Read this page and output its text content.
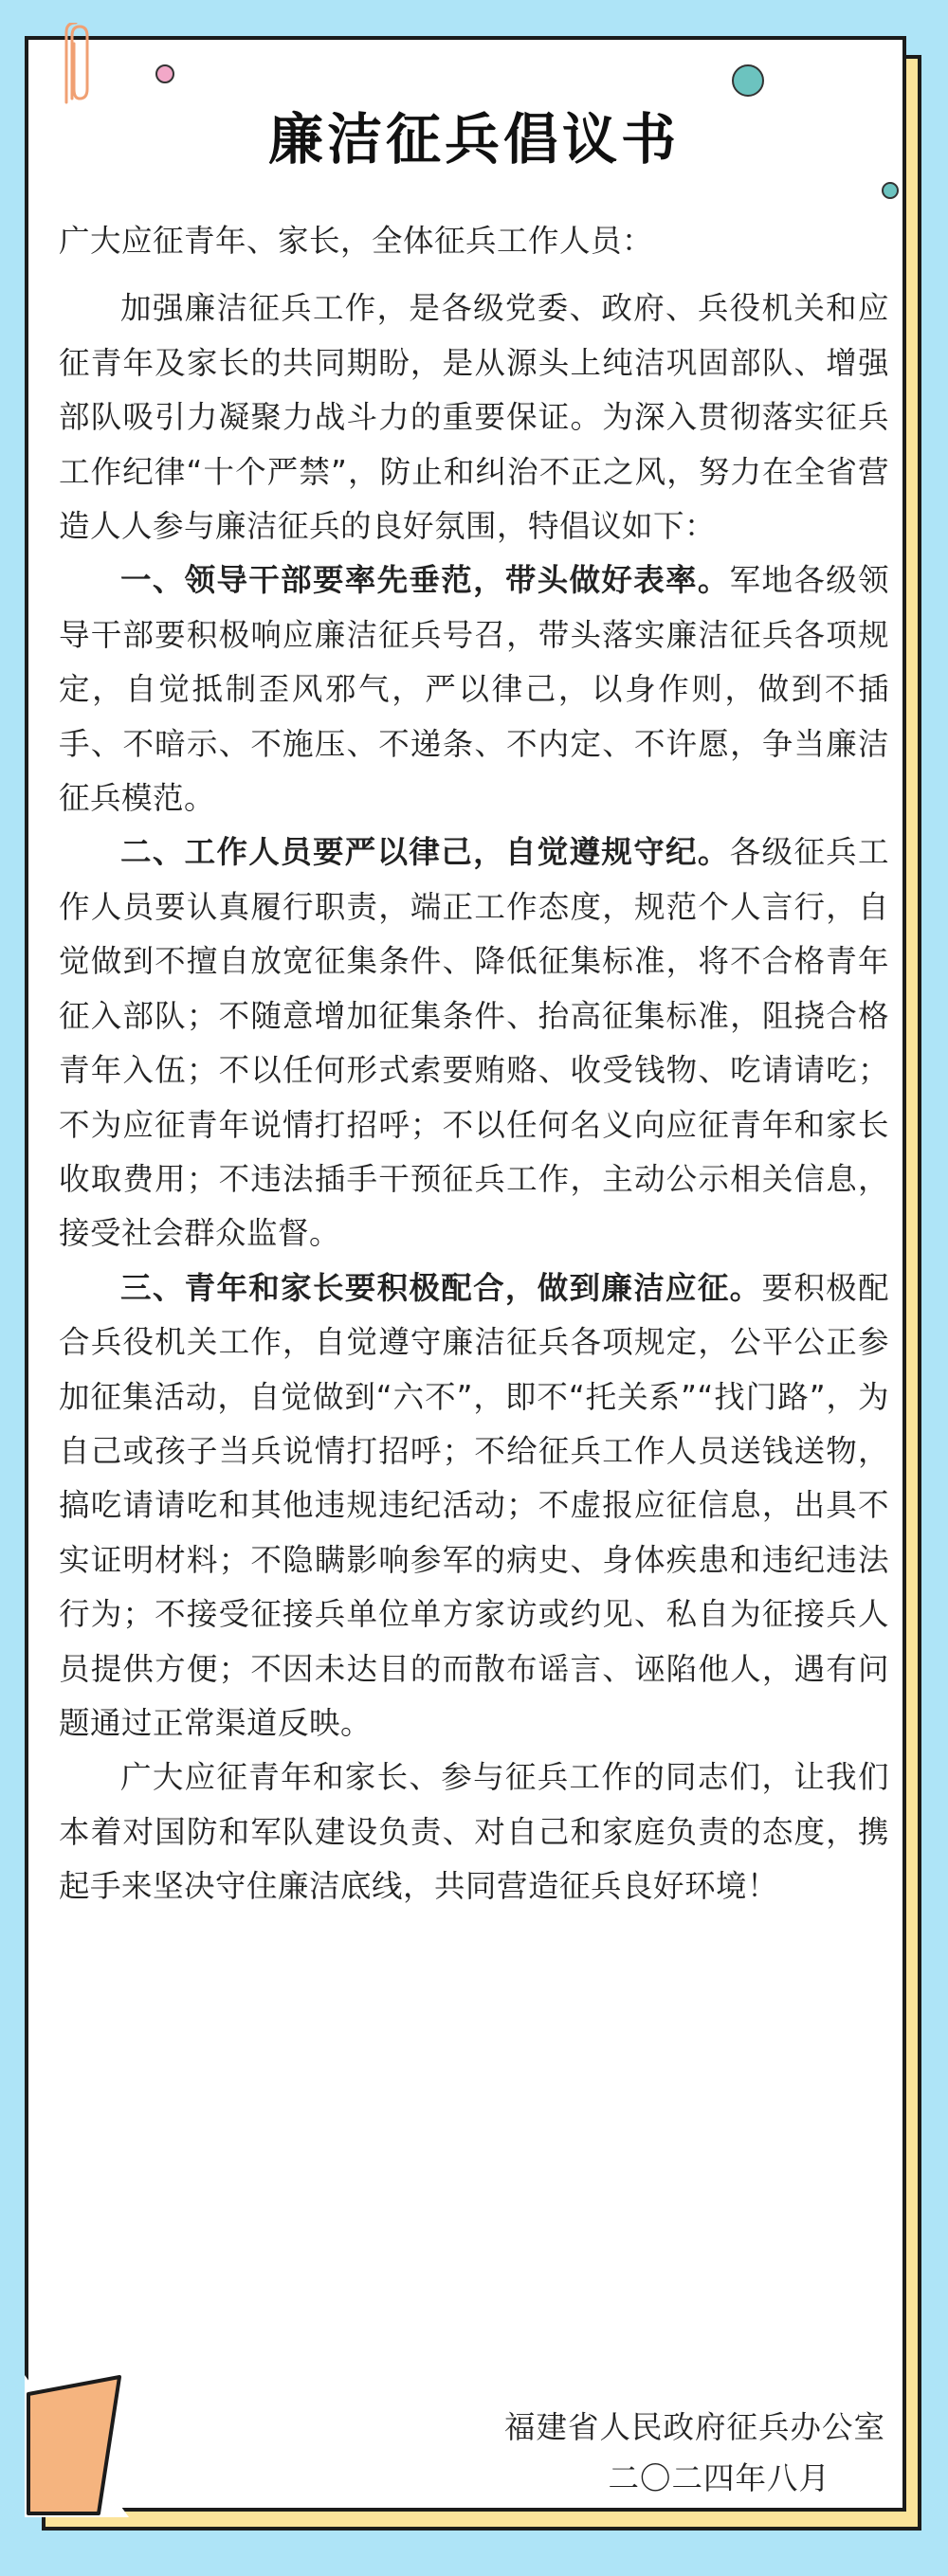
廉洁征兵倡议书

广大应征青年、家长，全体征兵工作人员：

加强廉洁征兵工作，是各级党委、政府、兵役机关和应征青年及家长的共同期盼，是从源头上纯洁巩固部队、增强部队吸引力凝聚力战斗力的重要保证。为深入贯彻落实征兵工作纪律“十个严禁”，防止和纠治不正之风，努力在全省营造人人参与廉洁征兵的良好氛围，特倡议如下：

一、领导干部要率先垂范，带头做好表率。军地各级领导干部要积极响应廉洁征兵号召，带头落实廉洁征兵各项规定，自觉抵制歪风邪气，严以律己，以身作则，做到不插手、不暗示、不施压、不递条、不内定、不许愿，争当廉洁征兵模范。

二、工作人员要严以律己，自觉遵规守纪。各级征兵工作人员要认真履行职责，端正工作态度，规范个人言行，自觉做到不擅自放宽征集条件、降低征集标准，将不合格青年征入部队；不随意增加征集条件、抬高征集标准，阻挠合格青年入伍；不以任何形式索要贿赂、收受钱物、吃请请吃；不为应征青年说情打招呼；不以任何名义向应征青年和家长收取费用；不违法插手干预征兵工作，主动公示相关信息，接受社会群众监督。

三、青年和家长要积极配合，做到廉洁应征。要积极配合兵役机关工作，自觉遵守廉洁征兵各项规定，公平公正参加征集活动，自觉做到“六不”，即不“托关系”“找门路”，为自己或孩子当兵说情打招呼；不给征兵工作人员送钱送物，搞吃请请吃和其他违规违纪活动；不虚报应征信息，出具不实证明材料；不隐瞒影响参军的病史、身体疾患和违纪违法行为；不接受征接兵单位单方家访或约见、私自为征接兵人员提供方便；不因未达目的而散布谣言、诬陷他人，遇有问题通过正常渠道反映。

广大应征青年和家长、参与征兵工作的同志们，让我们本着对国防和军队建设负责、对自己和家庭负责的态度，携起手来坚决守住廉洁底线，共同营造征兵良好环境！

福建省人民政府征兵办公室
二〇二四年八月
